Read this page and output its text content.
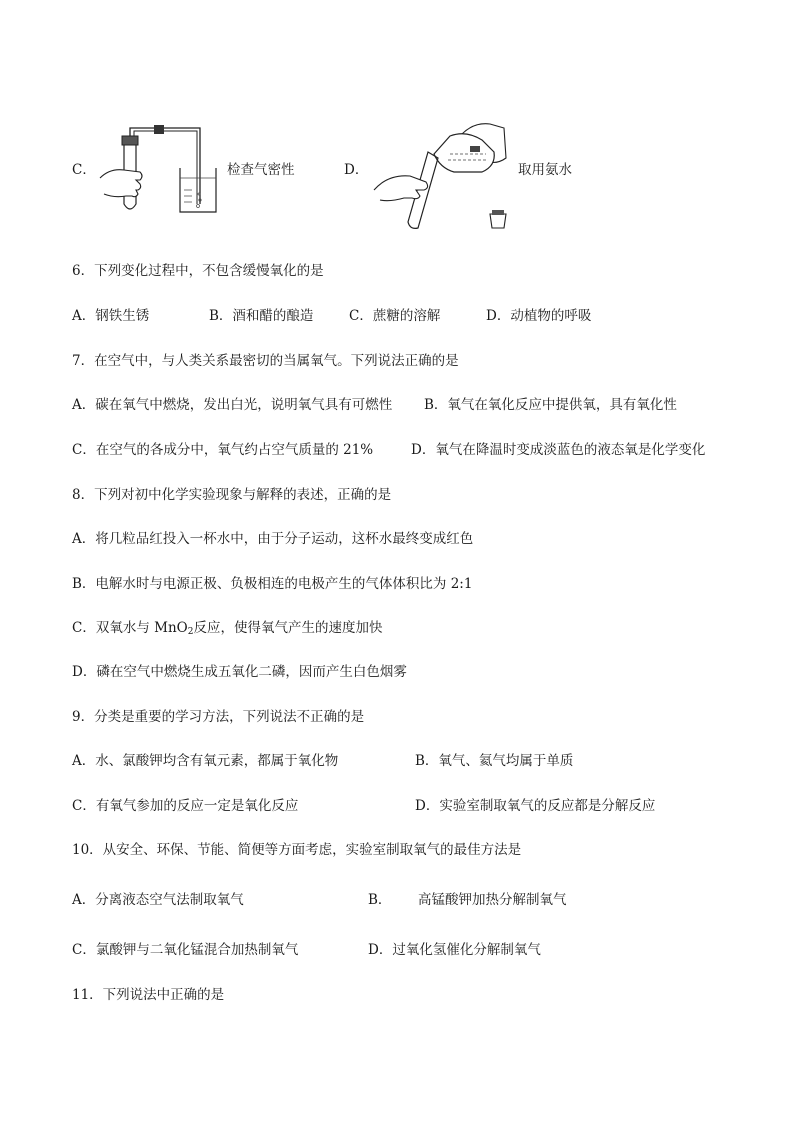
C．	检查气密性	D．	取用氨水
6．下列变化过程中，不包含缓慢氧化的是
A．钢铁生锈	B．酒和醋的酿造	C．蔗糖的溶解	D．动植物的呼吸
7．在空气中，与人类关系最密切的当属氧气。下列说法正确的是
A．碳在氧气中燃烧，发出白光，说明氧气具有可燃性 B．氧气在氧化反应中提供氧，具有氧化性
C．在空气的各成分中，氧气约占空气质量的 21%	D．氧气在降温时变成淡蓝色的液态氧是化学变化
8．下列对初中化学实验现象与解释的表述，正确的是
A．将几粒品红投入一杯水中，由于分子运动，这杯水最终变成红色
B．电解水时与电源正极、负极相连的电极产生的气体体积比为 2:1
C．双氧水与 MnO$_2$反应，使得氧气产生的速度加快
D．磷在空气中燃烧生成五氧化二磷，因而产生白色烟雾
9．分类是重要的学习方法，下列说法不正确的是
A．水、氯酸钾均含有氧元素，都属于氧化物	B．氧气、氦气均属于单质
C．有氧气参加的反应一定是氧化反应	D．实验室制取氧气的反应都是分解反应
10．从安全、环保、节能、简便等方面考虑，实验室制取氧气的最佳方法是
A．分离液态空气法制取氧气	B． 高锰酸钾加热分解制氧气
C．氯酸钾与二氧化锰混合加热制氧气	D．过氧化氢催化分解制氧气
11．下列说法中正确的是
